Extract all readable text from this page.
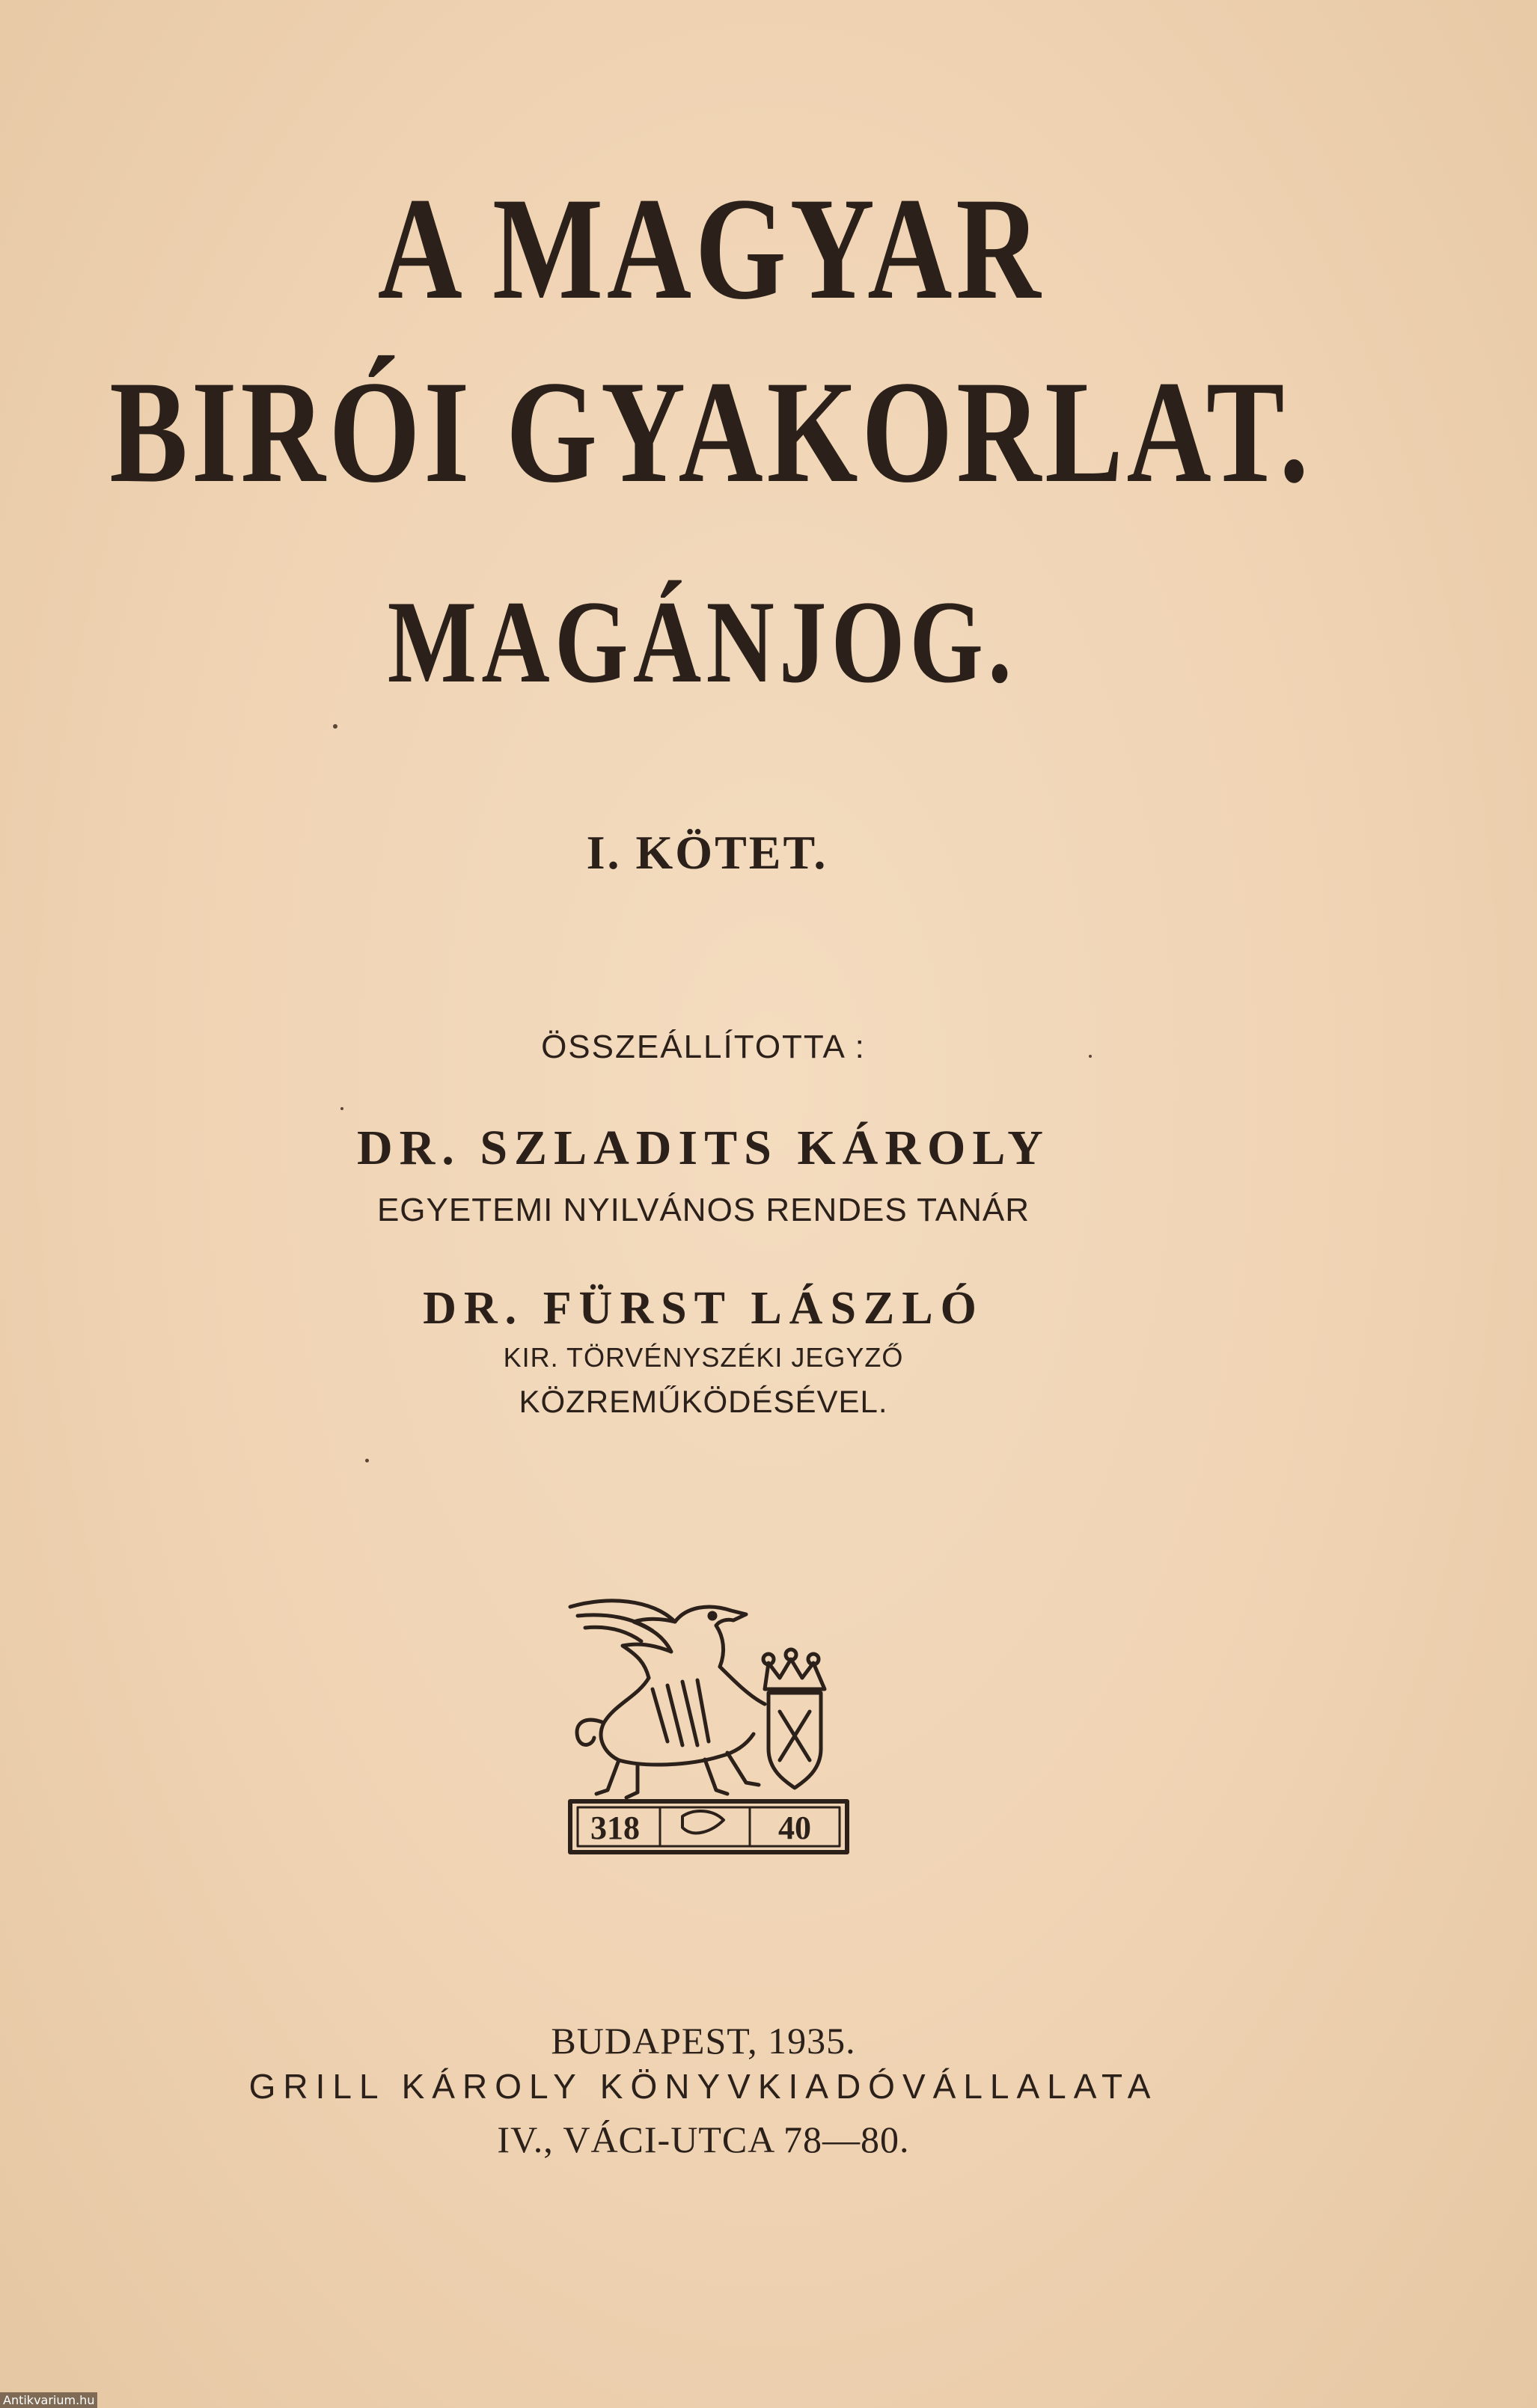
A MAGYAR
BIRÓI GYAKORLAT.
MAGÁNJOG.
I. KÖTET.
ÖSSZEÁLLÍTOTTA :
DR. SZLADITS KÁROLY
EGYETEMI NYILVÁNOS RENDES TANÁR
DR. FÜRST LÁSZLÓ
KIR. TÖRVÉNYSZÉKI JEGYZŐ
KÖZREMŰKÖDÉSÉVEL.
318	40
BUDAPEST, 1935.
GRILL KÁROLY KÖNYVKIADÓVÁLLALATA
IV., VÁCI-UTCA 78—80.
Antikvarium.hu
